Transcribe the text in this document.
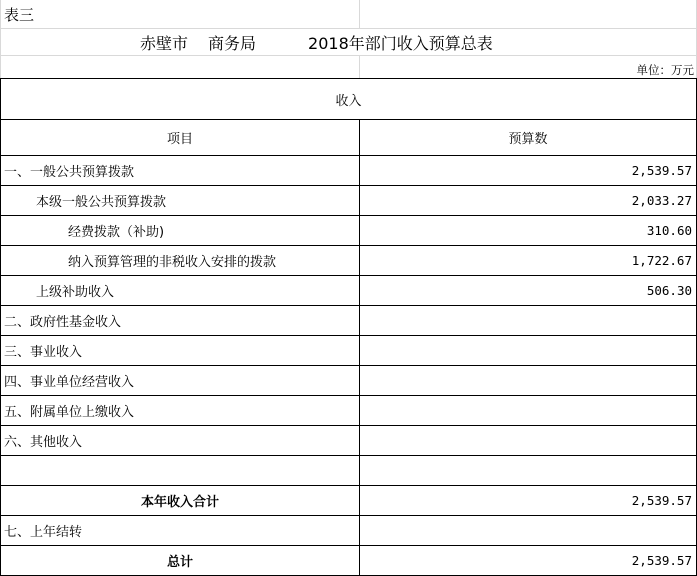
表三
赤壁市 商务局	2018年部门收入预算总表
单位：万元
收入
项目	预算数
一、一般公共预算拨款	2,539.57
本级一般公共预算拨款	2,033.27
经费拨款（补助)	310.60
纳入预算管理的非税收入安排的拨款	1,722.67
上级补助收入	506.30
二、政府性基金收入
三、事业收入
四、事业单位经营收入
五、附属单位上缴收入
六、其他收入
本年收入合计	2,539.57
七、上年结转
总计	2,539.57
